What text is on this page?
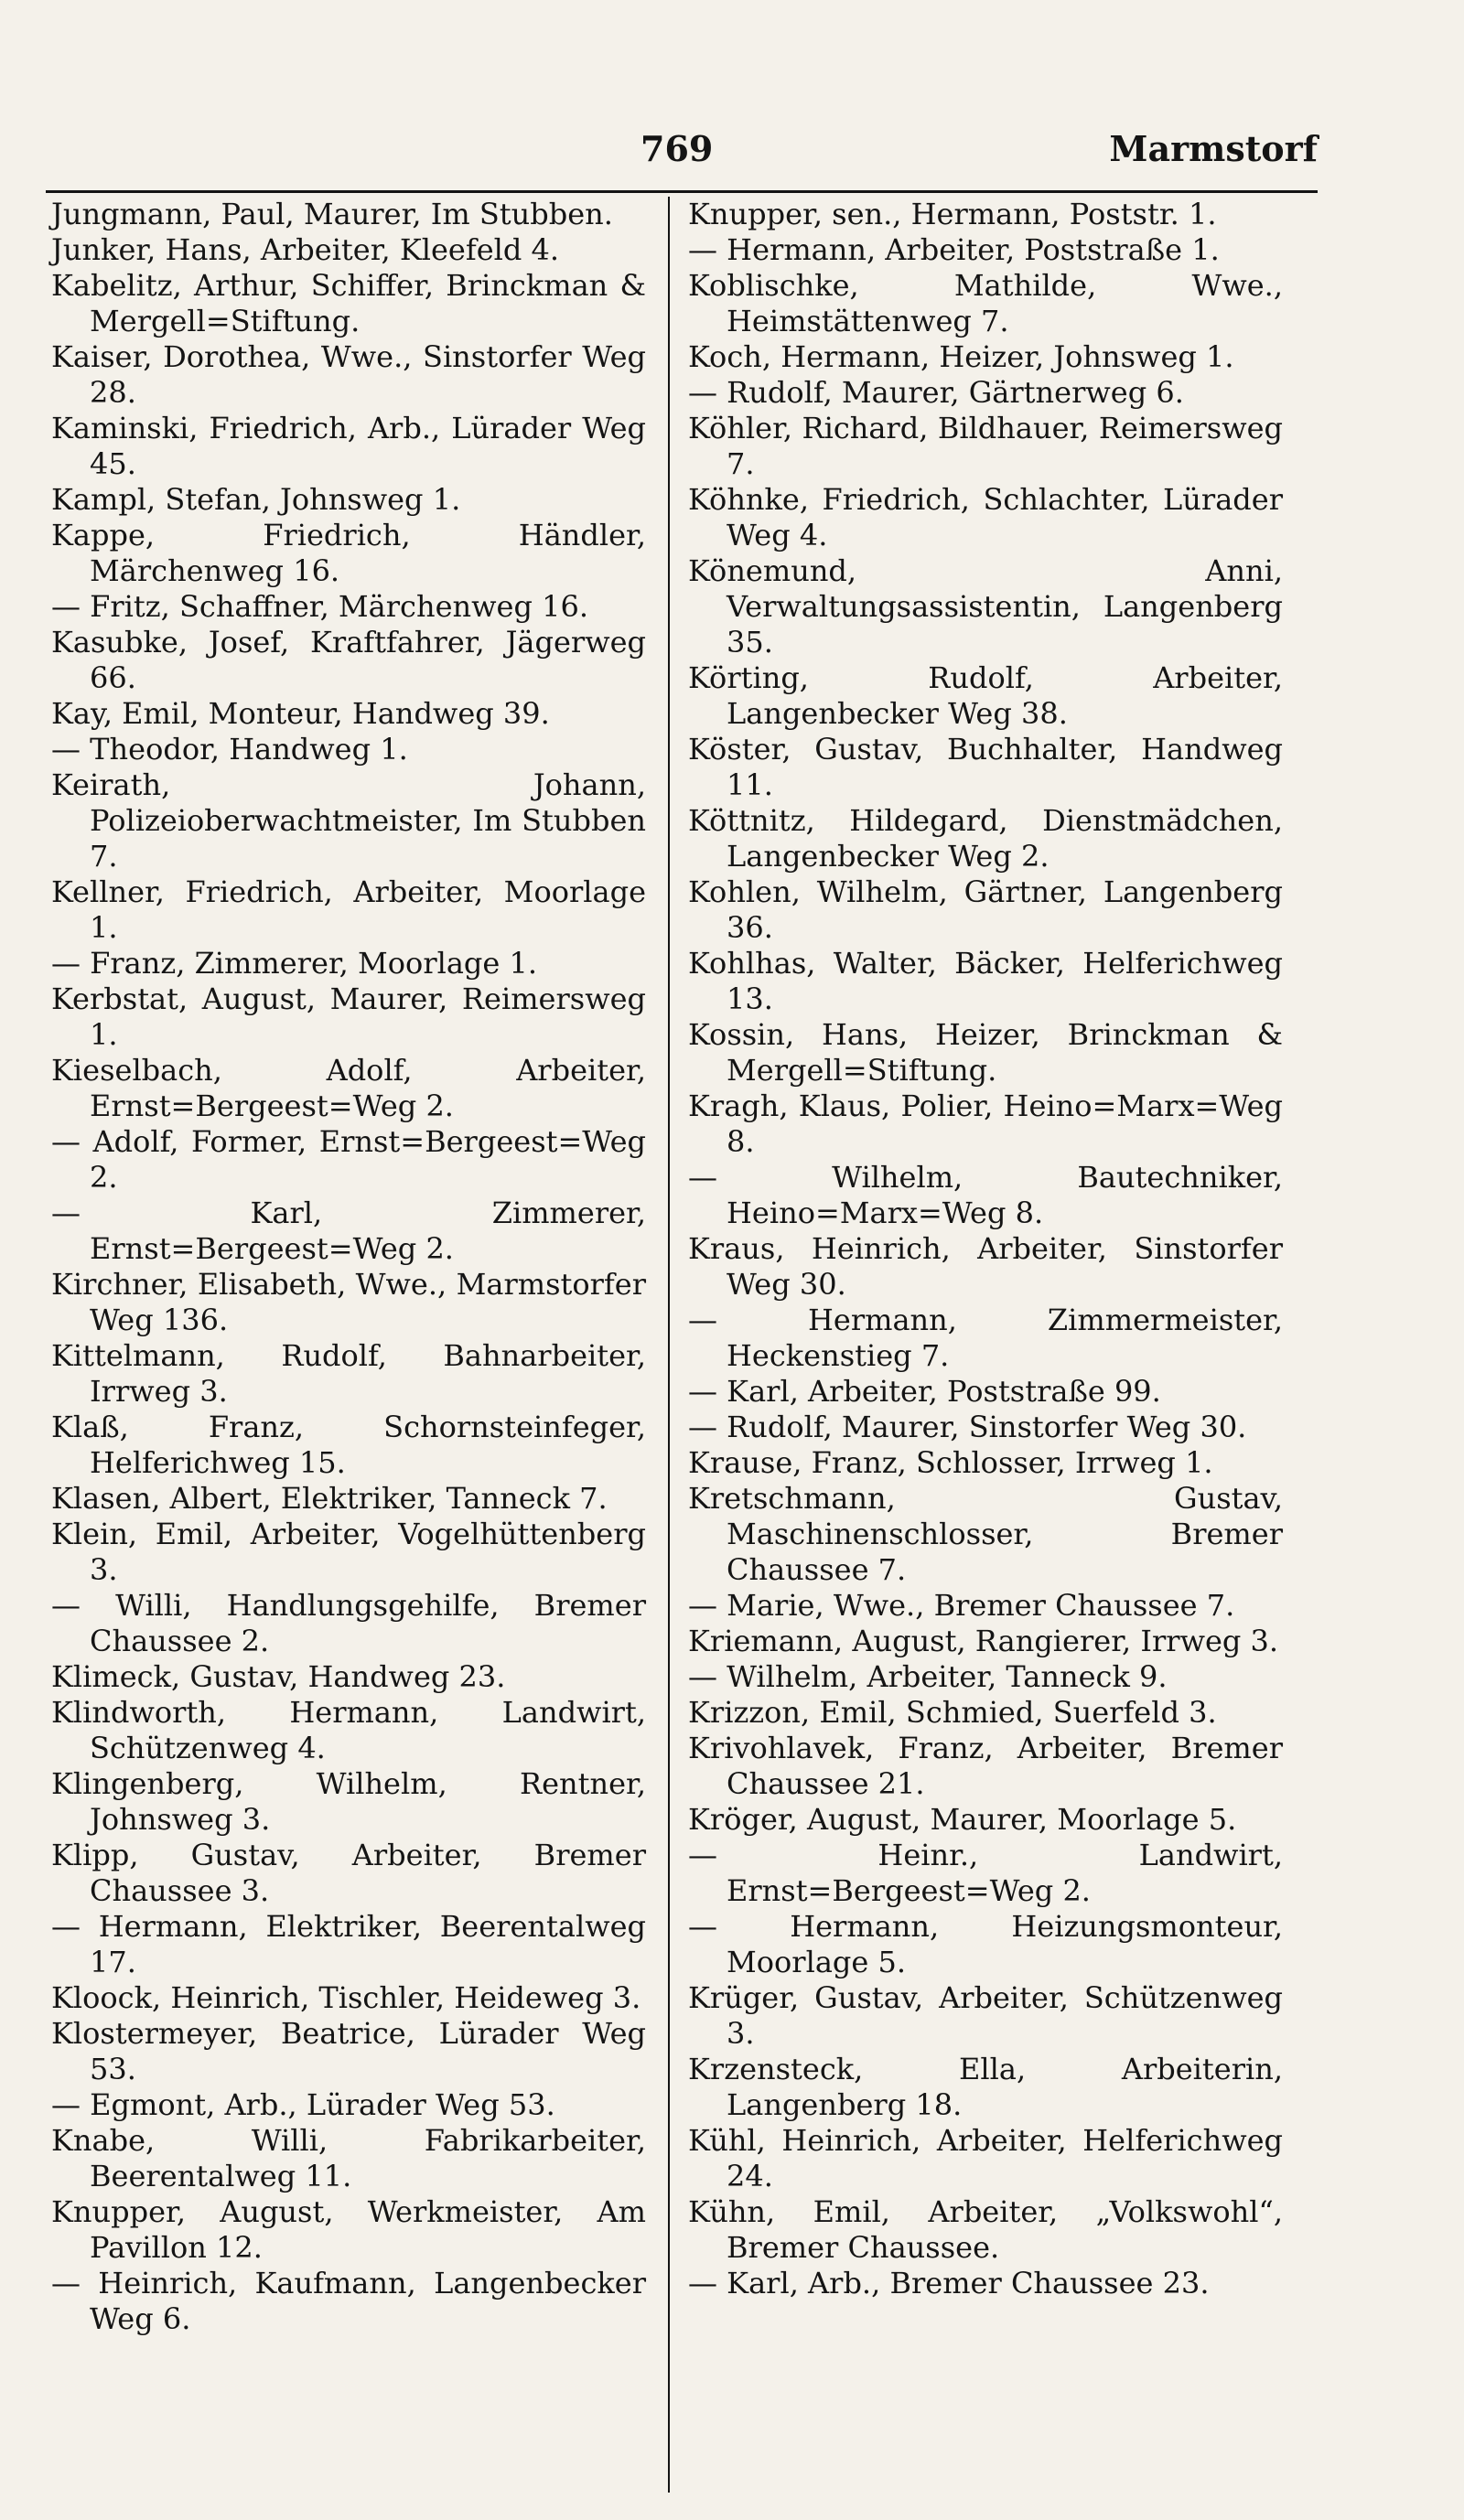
769	Marmstorf

Jungmann, Paul, Maurer, Im Stubben.

Junker, Hans, Arbeiter, Kleefeld 4.

Kabelitz, Arthur, Schiffer, Brinckman & Mergell=Stiftung.

Kaiser, Dorothea, Wwe., Sinstorfer Weg 28.

Kaminski, Friedrich, Arb., Lürader Weg 45.

Kampl, Stefan, Johnsweg 1.

Kappe, Friedrich, Händler, Märchenweg 16.

— Fritz, Schaffner, Märchenweg 16.

Kasubke, Josef, Kraftfahrer, Jägerweg 66.

Kay, Emil, Monteur, Handweg 39.

— Theodor, Handweg 1.

Keirath, Johann, Polizeioberwachtmeister, Im Stubben 7.

Kellner, Friedrich, Arbeiter, Moorlage 1.

— Franz, Zimmerer, Moorlage 1.

Kerbstat, August, Maurer, Reimersweg 1.

Kieselbach, Adolf, Arbeiter, Ernst=Bergeest=Weg 2.

— Adolf, Former, Ernst=Bergeest=Weg 2.

— Karl, Zimmerer, Ernst=Bergeest=Weg 2.

Kirchner, Elisabeth, Wwe., Marmstorfer Weg 136.

Kittelmann, Rudolf, Bahnarbeiter, Irrweg 3.

Klaß, Franz, Schornsteinfeger, Helferichweg 15.

Klasen, Albert, Elektriker, Tanneck 7.

Klein, Emil, Arbeiter, Vogelhüttenberg 3.

— Willi, Handlungsgehilfe, Bremer Chaussee 2.

Klimeck, Gustav, Handweg 23.

Klindworth, Hermann, Landwirt, Schützenweg 4.

Klingenberg, Wilhelm, Rentner, Johnsweg 3.

Klipp, Gustav, Arbeiter, Bremer Chaussee 3.

— Hermann, Elektriker, Beerentalweg 17.

Kloock, Heinrich, Tischler, Heideweg 3.

Klostermeyer, Beatrice, Lürader Weg 53.

— Egmont, Arb., Lürader Weg 53.

Knabe, Willi, Fabrikarbeiter, Beerentalweg 11.

Knupper, August, Werkmeister, Am Pavillon 12.

— Heinrich, Kaufmann, Langenbecker Weg 6.

Knupper, sen., Hermann, Poststr. 1.

— Hermann, Arbeiter, Poststraße 1.

Koblischke, Mathilde, Wwe., Heimstättenweg 7.

Koch, Hermann, Heizer, Johnsweg 1.

— Rudolf, Maurer, Gärtnerweg 6.

Köhler, Richard, Bildhauer, Reimersweg 7.

Köhnke, Friedrich, Schlachter, Lürader Weg 4.

Könemund, Anni, Verwaltungsassistentin, Langenberg 35.

Körting, Rudolf, Arbeiter, Langenbecker Weg 38.

Köster, Gustav, Buchhalter, Handweg 11.

Köttnitz, Hildegard, Dienstmädchen, Langenbecker Weg 2.

Kohlen, Wilhelm, Gärtner, Langenberg 36.

Kohlhas, Walter, Bäcker, Helferichweg 13.

Kossin, Hans, Heizer, Brinckman & Mergell=Stiftung.

Kragh, Klaus, Polier, Heino=Marx=Weg 8.

— Wilhelm, Bautechniker, Heino=Marx=Weg 8.

Kraus, Heinrich, Arbeiter, Sinstorfer Weg 30.

— Hermann, Zimmermeister, Heckenstieg 7.

— Karl, Arbeiter, Poststraße 99.

— Rudolf, Maurer, Sinstorfer Weg 30.

Krause, Franz, Schlosser, Irrweg 1.

Kretschmann, Gustav, Maschinenschlosser, Bremer Chaussee 7.

— Marie, Wwe., Bremer Chaussee 7.

Kriemann, August, Rangierer, Irrweg 3.

— Wilhelm, Arbeiter, Tanneck 9.

Krizzon, Emil, Schmied, Suerfeld 3.

Krivohlavek, Franz, Arbeiter, Bremer Chaussee 21.

Kröger, August, Maurer, Moorlage 5.

— Heinr., Landwirt, Ernst=Bergeest=Weg 2.

— Hermann, Heizungsmonteur, Moorlage 5.

Krüger, Gustav, Arbeiter, Schützenweg 3.

Krzensteck, Ella, Arbeiterin, Langenberg 18.

Kühl, Heinrich, Arbeiter, Helferichweg 24.

Kühn, Emil, Arbeiter, „Volkswohl“, Bremer Chaussee.

— Karl, Arb., Bremer Chaussee 23.
